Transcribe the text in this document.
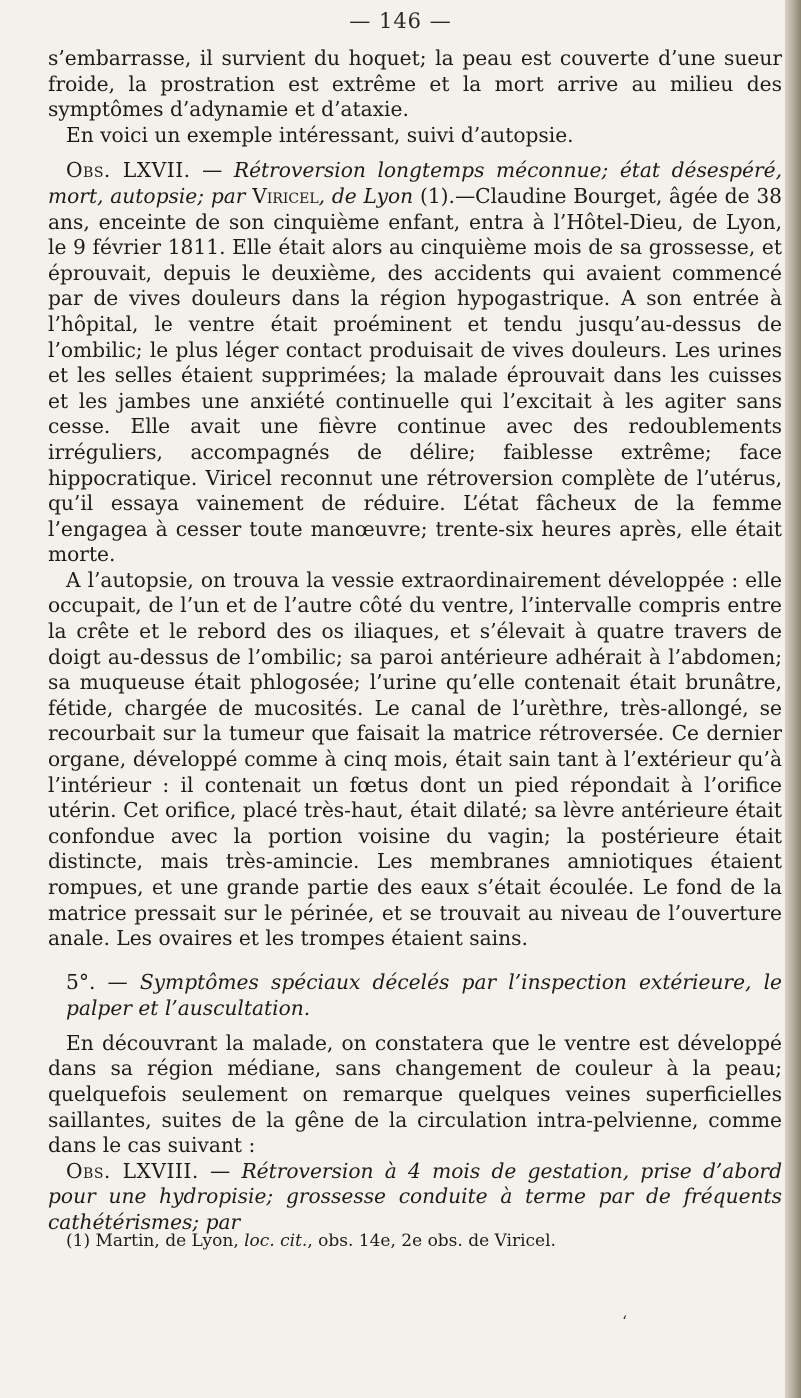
— 146 —

s’embarrasse, il survient du hoquet; la peau est couverte d’une sueur froide, la prostration est extrême et la mort arrive au milieu des symptômes d’adynamie et d’ataxie.

En voici un exemple intéressant, suivi d’autopsie.

Obs. LXVII. — Rétroversion longtemps méconnue; état désespéré, mort, autopsie; par Viricel, de Lyon (1).—Claudine Bourget, âgée de 38 ans, enceinte de son cinquième enfant, entra à l’Hôtel-Dieu, de Lyon, le 9 février 1811. Elle était alors au cinquième mois de sa grossesse, et éprouvait, depuis le deuxième, des accidents qui avaient commencé par de vives douleurs dans la région hypogastrique. A son entrée à l’hôpital, le ventre était proéminent et tendu jusqu’au-dessus de l’ombilic; le plus léger contact produisait de vives douleurs. Les urines et les selles étaient supprimées; la malade éprouvait dans les cuisses et les jambes une anxiété continuelle qui l’excitait à les agiter sans cesse. Elle avait une fièvre continue avec des redoublements irréguliers, accompagnés de délire; faiblesse extrême; face hippocratique. Viricel reconnut une rétroversion complète de l’utérus, qu’il essaya vainement de réduire. L’état fâcheux de la femme l’engagea à cesser toute manœuvre; trente-six heures après, elle était morte.

A l’autopsie, on trouva la vessie extraordinairement développée : elle occupait, de l’un et de l’autre côté du ventre, l’intervalle compris entre la crête et le rebord des os iliaques, et s’élevait à quatre travers de doigt au-dessus de l’ombilic; sa paroi antérieure adhérait à l’abdomen; sa muqueuse était phlogosée; l’urine qu’elle contenait était brunâtre, fétide, chargée de mucosités. Le canal de l’urèthre, très-allongé, se recourbait sur la tumeur que faisait la matrice rétroversée. Ce dernier organe, développé comme à cinq mois, était sain tant à l’extérieur qu’à l’intérieur : il contenait un fœtus dont un pied répondait à l’orifice utérin. Cet orifice, placé très-haut, était dilaté; sa lèvre antérieure était confondue avec la portion voisine du vagin; la postérieure était distincte, mais très-amincie. Les membranes amniotiques étaient rompues, et une grande partie des eaux s’était écoulée. Le fond de la matrice pressait sur le périnée, et se trouvait au niveau de l’ouverture anale. Les ovaires et les trompes étaient sains.

5°. — Symptômes spéciaux décelés par l’inspection extérieure, le palper et l’auscultation.

En découvrant la malade, on constatera que le ventre est développé dans sa région médiane, sans changement de couleur à la peau; quelquefois seulement on remarque quelques veines superficielles saillantes, suites de la gêne de la circulation intra-pelvienne, comme dans le cas suivant :

Obs. LXVIII. — Rétroversion à 4 mois de gestation, prise d’abord pour une hydropisie; grossesse conduite à terme par de fréquents cathétérismes; par

(1) Martin, de Lyon, loc. cit., obs. 14e, 2e obs. de Viricel.
ʻ
